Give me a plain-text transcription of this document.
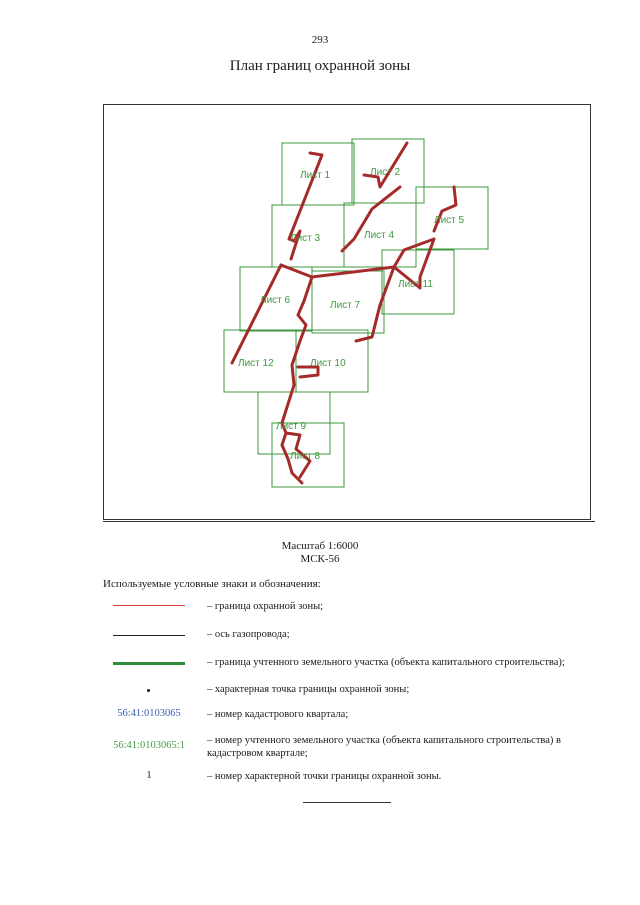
293
План границ охранной зоны
Лист 1	Лист 2
Лист 3	Лист 4
Лист 5
Лист 6	Лист 7
Лист 11
Лист 12	Лист 10
Лист 9
Лист 8
Масштаб 1:6000
МСК-56
Используемые условные знаки и обозначения:
– граница охранной зоны;
– ось газопровода;
– граница учтенного земельного участка (объекта капитального строительства);
– характерная точка границы охранной зоны;
56:41:0103065	– номер кадастрового квартала;
56:41:0103065:1	– номер учтенного земельного участка (объекта капитального строительства) в кадастровом квартале;
1	– номер характерной точки границы охранной зоны.
